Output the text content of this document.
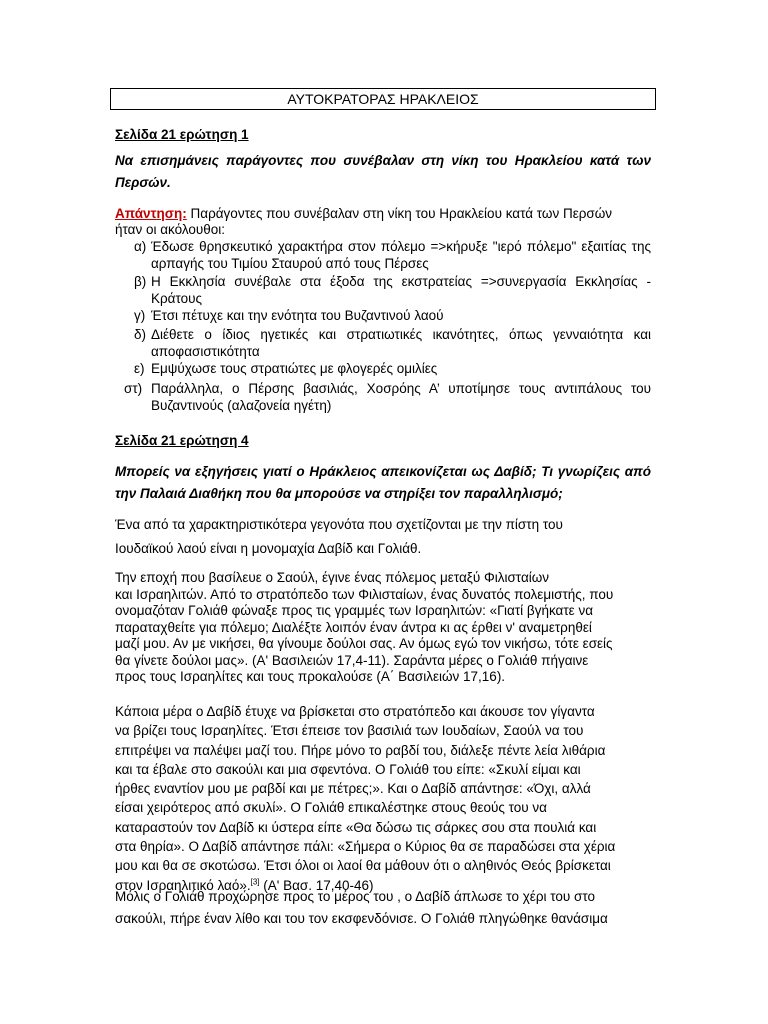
ΑΥΤΟΚΡΑΤΟΡΑΣ ΗΡΑΚΛΕΙΟΣ
Σελίδα 21 ερώτηση 1
Να επισημάνεις παράγοντες που συνέβαλαν στη νίκη του Ηρακλείου κατά των Περσών.
Απάντηση: Παράγοντες που συνέβαλαν στη νίκη του Ηρακλείου κατά των Περσών
ήταν οι ακόλουθοι:
α) Έδωσε θρησκευτικό χαρακτήρα στον πόλεμο =>κήρυξε "ιερό πόλεμο" εξαιτίας της αρπαγής του Τιμίου Σταυρού από τους Πέρσες
β) Η Εκκλησία συνέβαλε στα έξοδα της εκστρατείας =>συνεργασία Εκκλησίας - Κράτους
γ) Έτσι πέτυχε και την ενότητα του Βυζαντινού λαού
δ) Διέθετε ο ίδιος ηγετικές και στρατιωτικές ικανότητες, όπως γενναιότητα και αποφασιστικότητα
ε) Εμψύχωσε τους στρατιώτες με φλογερές ομιλίες
στ) Παράλληλα, ο Πέρσης βασιλιάς, Χοσρόης Α’ υποτίμησε τους αντιπάλους του Βυζαντινούς (αλαζονεία ηγέτη)
Σελίδα 21 ερώτηση 4
Μπορείς να εξηγήσεις γιατί ο Ηράκλειος απεικονίζεται ως Δαβίδ; Τι γνωρίζεις από την Παλαιά Διαθήκη που θα μπορούσε να στηρίξει τον παραλληλισμό;
Ένα από τα χαρακτηριστικότερα γεγονότα που σχετίζονται με την πίστη του
Ιουδαϊκού λαού είναι η μονομαχία Δαβίδ και Γολιάθ.
Την εποχή που βασίλευε ο Σαούλ, έγινε ένας πόλεμος μεταξύ Φιλισταίων
και Ισραηλιτών. Από το στρατόπεδο των Φιλισταίων, ένας δυνατός πολεμιστής, που
ονομαζόταν Γολιάθ φώναξε προς τις γραμμές των Ισραηλιτών: «Γιατί βγήκατε να
παραταχθείτε για πόλεμο; Διαλέξτε λοιπόν έναν άντρα κι ας έρθει ν' αναμετρηθεί
μαζί μου. Αν με νικήσει, θα γίνουμε δούλοι σας. Αν όμως εγώ τον νικήσω, τότε εσείς
θα γίνετε δούλοι μας». (Α' Βασιλειών 17,4-11). Σαράντα μέρες ο Γολιάθ πήγαινε
προς τους Ισραηλίτες και τους προκαλούσε (Α΄ Βασιλειών 17,16).
Κάποια μέρα ο Δαβίδ έτυχε να βρίσκεται στο στρατόπεδο και άκουσε τον γίγαντα
να βρίζει τους Ισραηλίτες. Έτσι έπεισε τον βασιλιά των Ιουδαίων, Σαούλ να του
επιτρέψει να παλέψει μαζί του. Πήρε μόνο το ραβδί του, διάλεξε πέντε λεία λιθάρια
και τα έβαλε στο σακούλι και μια σφεντόνα. Ο Γολιάθ του είπε: «Σκυλί είμαι και
ήρθες εναντίον μου με ραβδί και με πέτρες;». Και ο Δαβίδ απάντησε: «Όχι, αλλά
είσαι χειρότερος από σκυλί». Ο Γολιάθ επικαλέστηκε στους θεούς του να
καταραστούν τον Δαβίδ κι ύστερα είπε «Θα δώσω τις σάρκες σου στα πουλιά και
στα θηρία». Ο Δαβίδ απάντησε πάλι: «Σήμερα ο Κύριος θα σε παραδώσει στα χέρια
μου και θα σε σκοτώσω. Έτσι όλοι οι λαοί θα μάθουν ότι ο αληθινός Θεός βρίσκεται
στον Ισραηλιτικό λαό».[3] (Α' Βασ. 17,40-46)
Μόλις ο Γολιάθ προχώρησε προς το μέρος του , ο Δαβίδ άπλωσε το χέρι του στο
σακούλι, πήρε έναν λίθο και του τον εκσφενδόνισε. Ο Γολιάθ πληγώθηκε θανάσιμα
